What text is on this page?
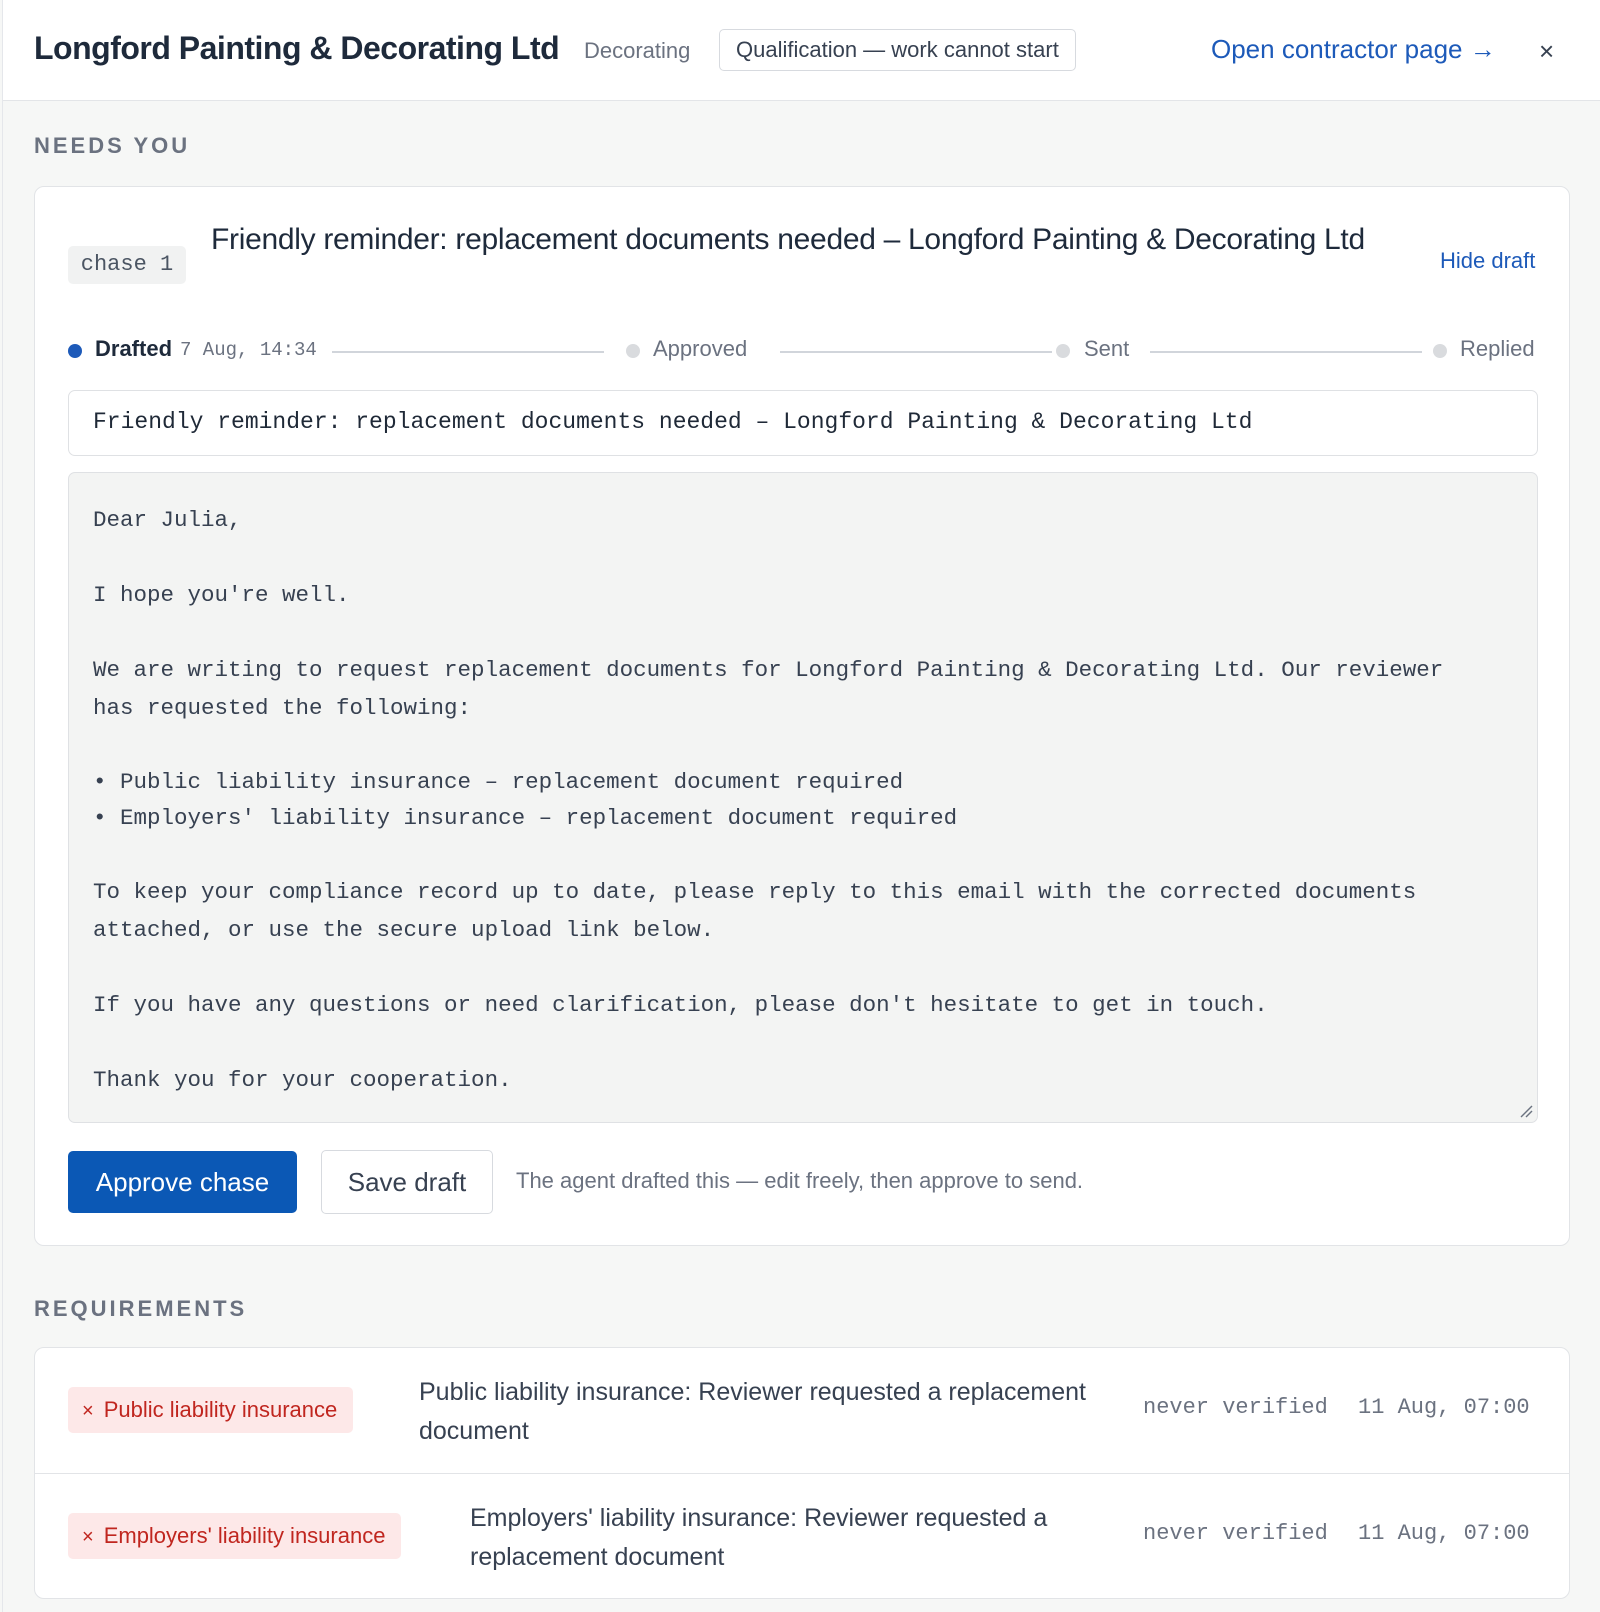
Longford Painting & Decorating Ltd Decorating	Qualification — work cannot start	Open contractor page → ×
NEEDS YOU
chase 1
Friendly reminder: replacement documents needed – Longford Painting & Decorating Ltd
Hide draft
Drafted 7 Aug, 14:34	Approved	Sent	Replied
Friendly reminder: replacement documents needed – Longford Painting & Decorating Ltd

Dear Julia,

I hope you're well.

We are writing to request replacement documents for Longford Painting & Decorating Ltd. Our reviewer

has requested the following:

• Public liability insurance – replacement document required

• Employers' liability insurance – replacement document required

To keep your compliance record up to date, please reply to this email with the corrected documents

attached, or use the secure upload link below.

If you have any questions or need clarification, please don't hesitate to get in touch.

Thank you for your cooperation.

Approve chase	Save draft	The agent drafted this — edit freely, then approve to send.
REQUIREMENTS
× Public liability insurance
Public liability insurance: Reviewer requested a replacement document
never verified 11 Aug, 07:00
× Employers' liability insurance
Employers' liability insurance: Reviewer requested a replacement document
never verified 11 Aug, 07:00
